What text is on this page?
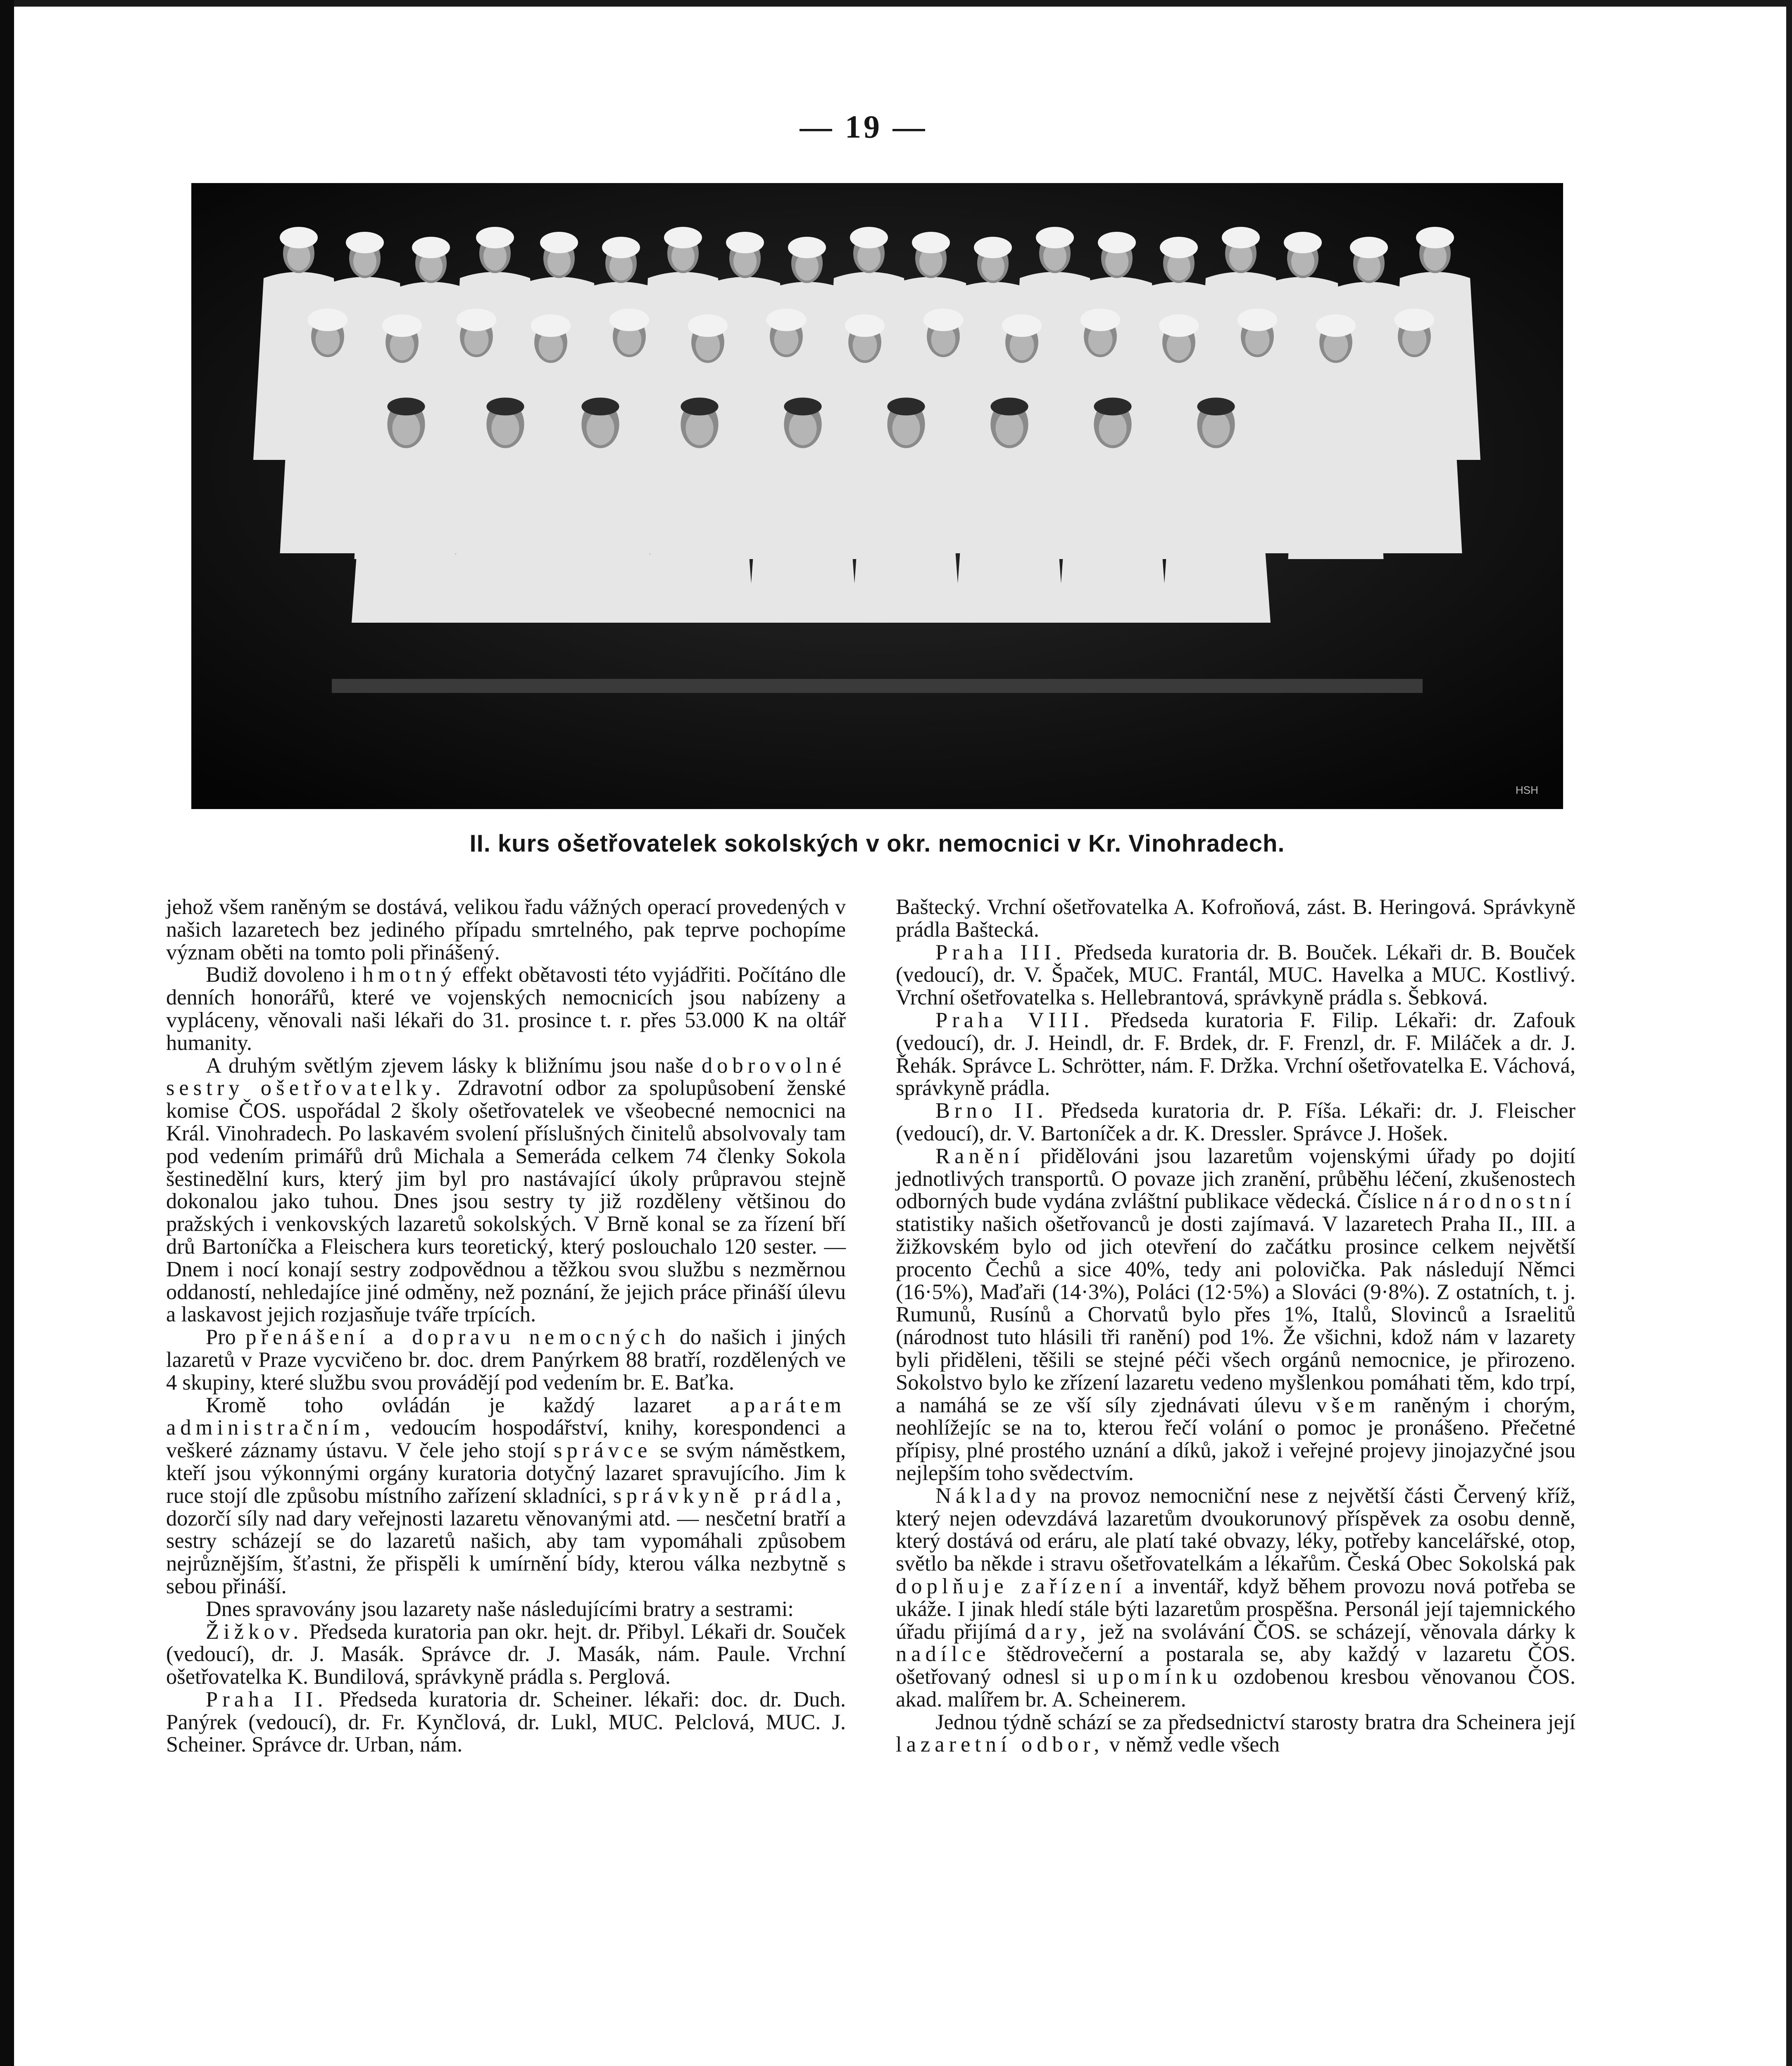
— 19 —
HSH
II. kurs ošetřovatelek sokolských v okr. nemocnici v Kr. Vinohradech.

jehož všem raněným se dostává, velikou řadu vážných operací provedených v našich lazaretech bez jediného případu smrtelného, pak teprve pochopíme význam oběti na tomto poli přinášený.

Budiž dovoleno i hmotný effekt obětavosti této vyjádřiti. Počítáno dle denních honorářů, které ve vojenských nemocnicích jsou nabízeny a vypláceny, věnovali naši lékaři do 31. prosince t. r. přes 53.000 K na oltář humanity.

A druhým světlým zjevem lásky k bližnímu jsou naše dobrovolné sestry ošetřovatelky. Zdravotní odbor za spolupůsobení ženské komise ČOS. uspořádal 2 školy ošetřovatelek ve všeobecné nemocnici na Král. Vinohradech. Po laskavém svolení příslušných činitelů absolvovaly tam pod vedením primářů drů Michala a Semeráda celkem 74 členky Sokola šestinedělní kurs, který jim byl pro nastávající úkoly průpravou stejně dokonalou jako tuhou. Dnes jsou sestry ty již rozděleny většinou do pražských i venkovských lazaretů sokolských. V Brně konal se za řízení bří drů Bartoníčka a Fleischera kurs teoretický, který poslouchalo 120 sester. — Dnem i nocí konají sestry zodpovědnou a těžkou svou službu s nezměrnou oddaností, nehledajíce jiné odměny, než poznání, že jejich práce přináší úlevu a laskavost jejich rozjasňuje tváře trpících.

Pro přenášení a dopravu nemocných do našich i jiných lazaretů v Praze vycvičeno br. doc. drem Panýrkem 88 bratří, rozdělených ve 4 skupiny, které službu svou provádějí pod vedením br. E. Baťka.

Kromě toho ovládán je každý lazaret aparátem administračním, vedoucím hospodářství, knihy, korespondenci a veškeré záznamy ústavu. V čele jeho stojí správce se svým náměstkem, kteří jsou výkonnými orgány kuratoria dotyčný lazaret spravujícího. Jim k ruce stojí dle způsobu místního zařízení skladníci, správkyně prádla, dozorčí síly nad dary veřejnosti lazaretu věnovanými atd. — nesčetní bratří a sestry scházejí se do lazaretů našich, aby tam vypomáhali způsobem nejrůznějším, šťastni, že přispěli k umírnění bídy, kterou válka nezbytně s sebou přináší.

Dnes spravovány jsou lazarety naše následujícími bratry a sestrami:

Žižkov. Předseda kuratoria pan okr. hejt. dr. Přibyl. Lékaři dr. Souček (vedoucí), dr. J. Masák. Správce dr. J. Masák, nám. Paule. Vrchní ošetřovatelka K. Bundilová, správkyně prádla s. Perglová.

Praha II. Předseda kuratoria dr. Scheiner. lékaři: doc. dr. Duch. Panýrek (vedoucí), dr. Fr. Kynčlová, dr. Lukl, MUC. Pelclová, MUC. J. Scheiner. Správce dr. Urban, nám.

Baštecký. Vrchní ošetřovatelka A. Kofroňová, zást. B. Heringová. Správkyně prádla Baštecká.

Praha III. Předseda kuratoria dr. B. Bouček. Lékaři dr. B. Bouček (vedoucí), dr. V. Špaček, MUC. Frantál, MUC. Havelka a MUC. Kostlivý. Vrchní ošetřovatelka s. Hellebrantová, správkyně prádla s. Šebková.

Praha VIII. Předseda kuratoria F. Filip. Lékaři: dr. Zafouk (vedoucí), dr. J. Heindl, dr. F. Brdek, dr. F. Frenzl, dr. F. Miláček a dr. J. Řehák. Správce L. Schrötter, nám. F. Držka. Vrchní ošetřovatelka E. Váchová, správkyně prádla.

Brno II. Předseda kuratoria dr. P. Fíša. Lékaři: dr. J. Fleischer (vedoucí), dr. V. Bartoníček a dr. K. Dressler. Správce J. Hošek.

Ranění přidělováni jsou lazaretům vojenskými úřady po dojití jednotlivých transportů. O povaze jich zranění, průběhu léčení, zkušenostech odborných bude vydána zvláštní publikace vědecká. Číslice národnostní statistiky našich ošetřovanců je dosti zajímavá. V lazaretech Praha II., III. a žižkovském bylo od jich otevření do začátku prosince celkem největší procento Čechů a sice 40%, tedy ani polovička. Pak následují Němci (16·5%), Maďaři (14·3%), Poláci (12·5%) a Slováci (9·8%). Z ostatních, t. j. Rumunů, Rusínů a Chorvatů bylo přes 1%, Italů, Slovinců a Israelitů (národnost tuto hlásili tři ranění) pod 1%. Že všichni, kdož nám v lazarety byli přiděleni, těšili se stejné péči všech orgánů nemocnice, je přirozeno. Sokolstvo bylo ke zřízení lazaretu vedeno myšlenkou pomáhati těm, kdo trpí, a namáhá se ze vší síly zjednávati úlevu všem raněným i chorým, neohlížejíc se na to, kterou řečí volání o pomoc je pronášeno. Přečetné přípisy, plné prostého uznání a díků, jakož i veřejné projevy jinojazyčné jsou nejlepším toho svědectvím.

Náklady na provoz nemocniční nese z největší části Červený kříž, který nejen odevzdává lazaretům dvoukorunový příspěvek za osobu denně, který dostává od eráru, ale platí také obvazy, léky, potřeby kancelářské, otop, světlo ba někde i stravu ošetřovatelkám a lékařům. Česká Obec Sokolská pak doplňuje zařízení a inventář, když během provozu nová potřeba se ukáže. I jinak hledí stále býti lazaretům prospěšna. Personál její tajemnického úřadu přijímá dary, jež na svolávání ČOS. se scházejí, věnovala dárky k nadílce štědrovečerní a postarala se, aby každý v lazaretu ČOS. ošetřovaný odnesl si upomínku ozdobenou kresbou věnovanou ČOS. akad. malířem br. A. Scheinerem.

Jednou týdně schází se za předsednictví starosty bratra dra Scheinera její lazaretní odbor, v němž vedle všech
